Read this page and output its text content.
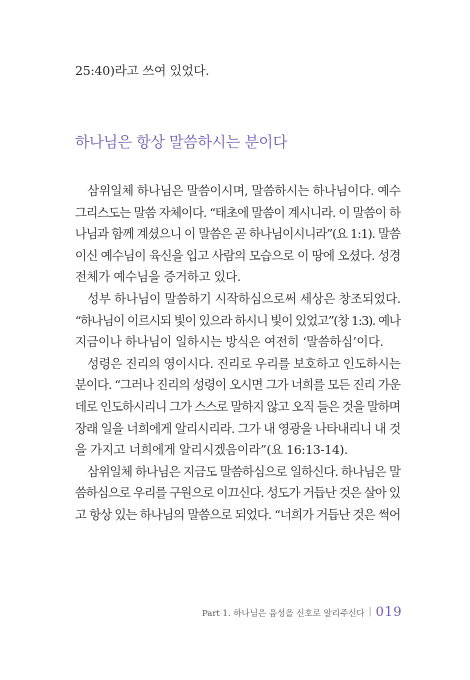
25:40)라고 쓰여 있었다.
하나님은 항상 말씀하시는 분이다

삼위일체 하나님은 말씀이시며, 말씀하시는 하나님이다. 예수
그리스도는 말씀 자체이다. “태초에 말씀이 계시니라. 이 말씀이 하
나님과 함께 계셨으니 이 말씀은 곧 하나님이시니라”(요 1:1). 말씀
이신 예수님이 육신을 입고 사람의 모습으로 이 땅에 오셨다. 성경
전체가 예수님을 증거하고 있다.

성부 하나님이 말씀하기 시작하심으로써 세상은 창조되었다.
“하나님이 이르시되 빛이 있으라 하시니 빛이 있었고”(창 1:3). 예나
지금이나 하나님이 일하시는 방식은 여전히 ‘말씀하심’이다.

성령은 진리의 영이시다. 진리로 우리를 보호하고 인도하시는
분이다. “그러나 진리의 성령이 오시면 그가 너희를 모든 진리 가운
데로 인도하시리니 그가 스스로 말하지 않고 오직 들은 것을 말하며
장래 일을 너희에게 알리시리라. 그가 내 영광을 나타내리니 내 것
을 가지고 너희에게 알리시겠음이라”(요 16:13-14).

삼위일체 하나님은 지금도 말씀하심으로 일하신다. 하나님은 말
씀하심으로 우리를 구원으로 이끄신다. 성도가 거듭난 것은 살아 있
고 항상 있는 하나님의 말씀으로 되었다. “너희가 거듭난 것은 썩어

Part 1. 하나님은 음성을 신호로 알리주신다 | 019
